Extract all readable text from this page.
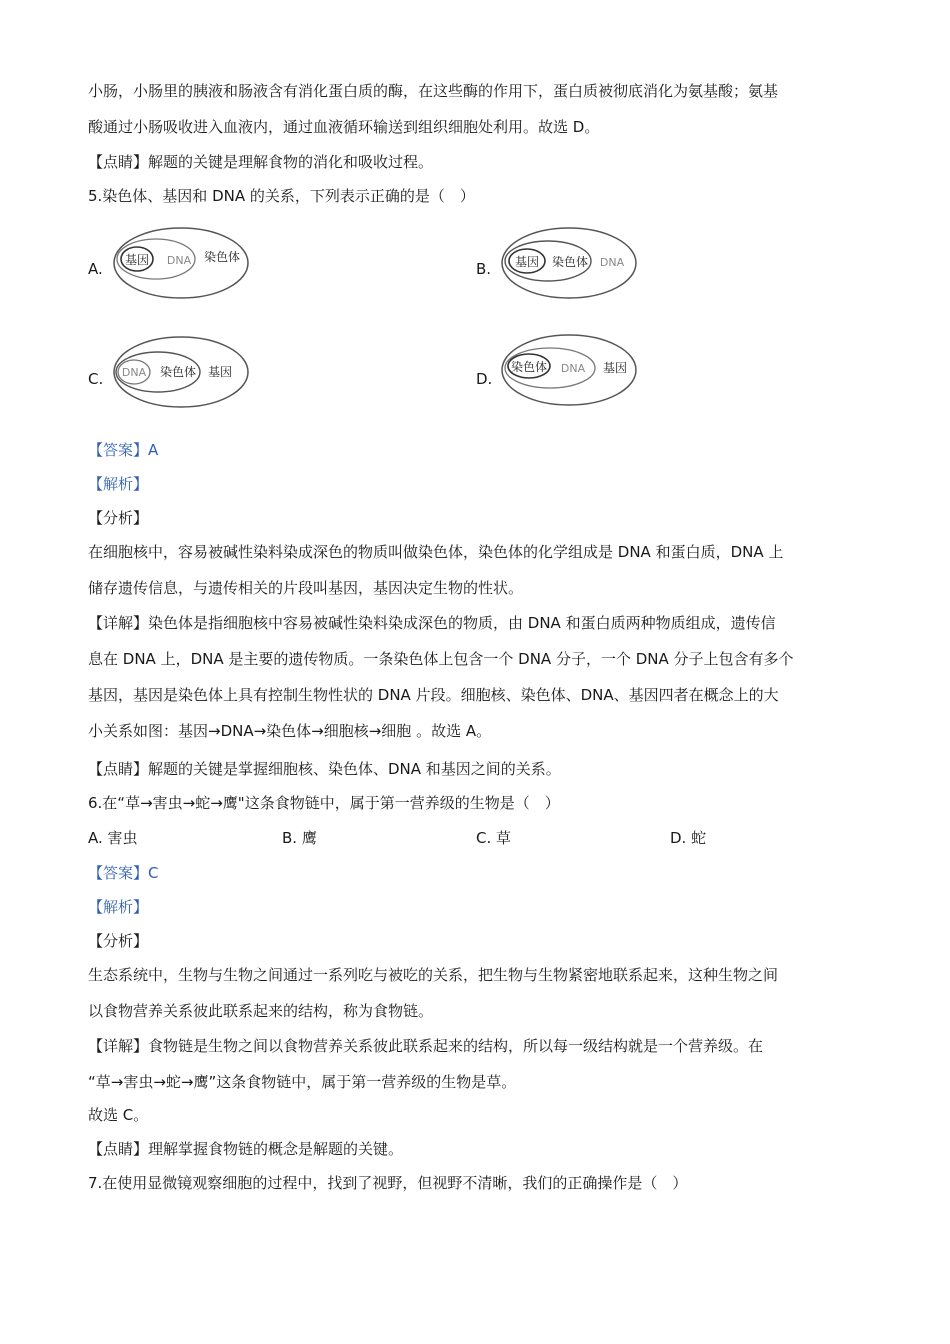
小肠，小肠里的胰液和肠液含有消化蛋白质的酶，在这些酶的作用下，蛋白质被彻底消化为氨基酸；氨基
酸通过小肠吸收进入血液内，通过血液循环输送到组织细胞处利用。故选 D。
【点睛】解题的关键是理解食物的消化和吸收过程。
5.染色体、基因和 DNA 的关系，下列表示正确的是（　）
A. 基因 DNA 染色体
B. 基因 染色体 DNA
C. DNA 染色体 基因	D.
染色体 DNA 基因
【答案】A
【解析】
【分析】
在细胞核中，容易被碱性染料染成深色的物质叫做染色体，染色体的化学组成是 DNA 和蛋白质，DNA 上
储存遗传信息，与遗传相关的片段叫基因，基因决定生物的性状。
【详解】染色体是指细胞核中容易被碱性染料染成深色的物质，由 DNA 和蛋白质两种物质组成，遗传信
息在 DNA 上，DNA 是主要的遗传物质。一条染色体上包含一个 DNA 分子，一个 DNA 分子上包含有多个
基因，基因是染色体上具有控制生物性状的 DNA 片段。细胞核、染色体、DNA、基因四者在概念上的大
小关系如图：基因→DNA→染色体→细胞核→细胞 。故选 A。
【点睛】解题的关键是掌握细胞核、染色体、DNA 和基因之间的关系。
6.在“草→害虫→蛇→鹰"这条食物链中，属于第一营养级的生物是（　）
A. 害虫	B. 鹰	C. 草	D. 蛇
【答案】C
【解析】
【分析】
生态系统中，生物与生物之间通过一系列吃与被吃的关系，把生物与生物紧密地联系起来，这种生物之间
以食物营养关系彼此联系起来的结构，称为食物链。
【详解】食物链是生物之间以食物营养关系彼此联系起来的结构，所以每一级结构就是一个营养级。在
“草→害虫→蛇→鹰”这条食物链中，属于第一营养级的生物是草。
故选 C。
【点睛】理解掌握食物链的概念是解题的关键。
7.在使用显微镜观察细胞的过程中，找到了视野，但视野不清晰，我们的正确操作是（　）
